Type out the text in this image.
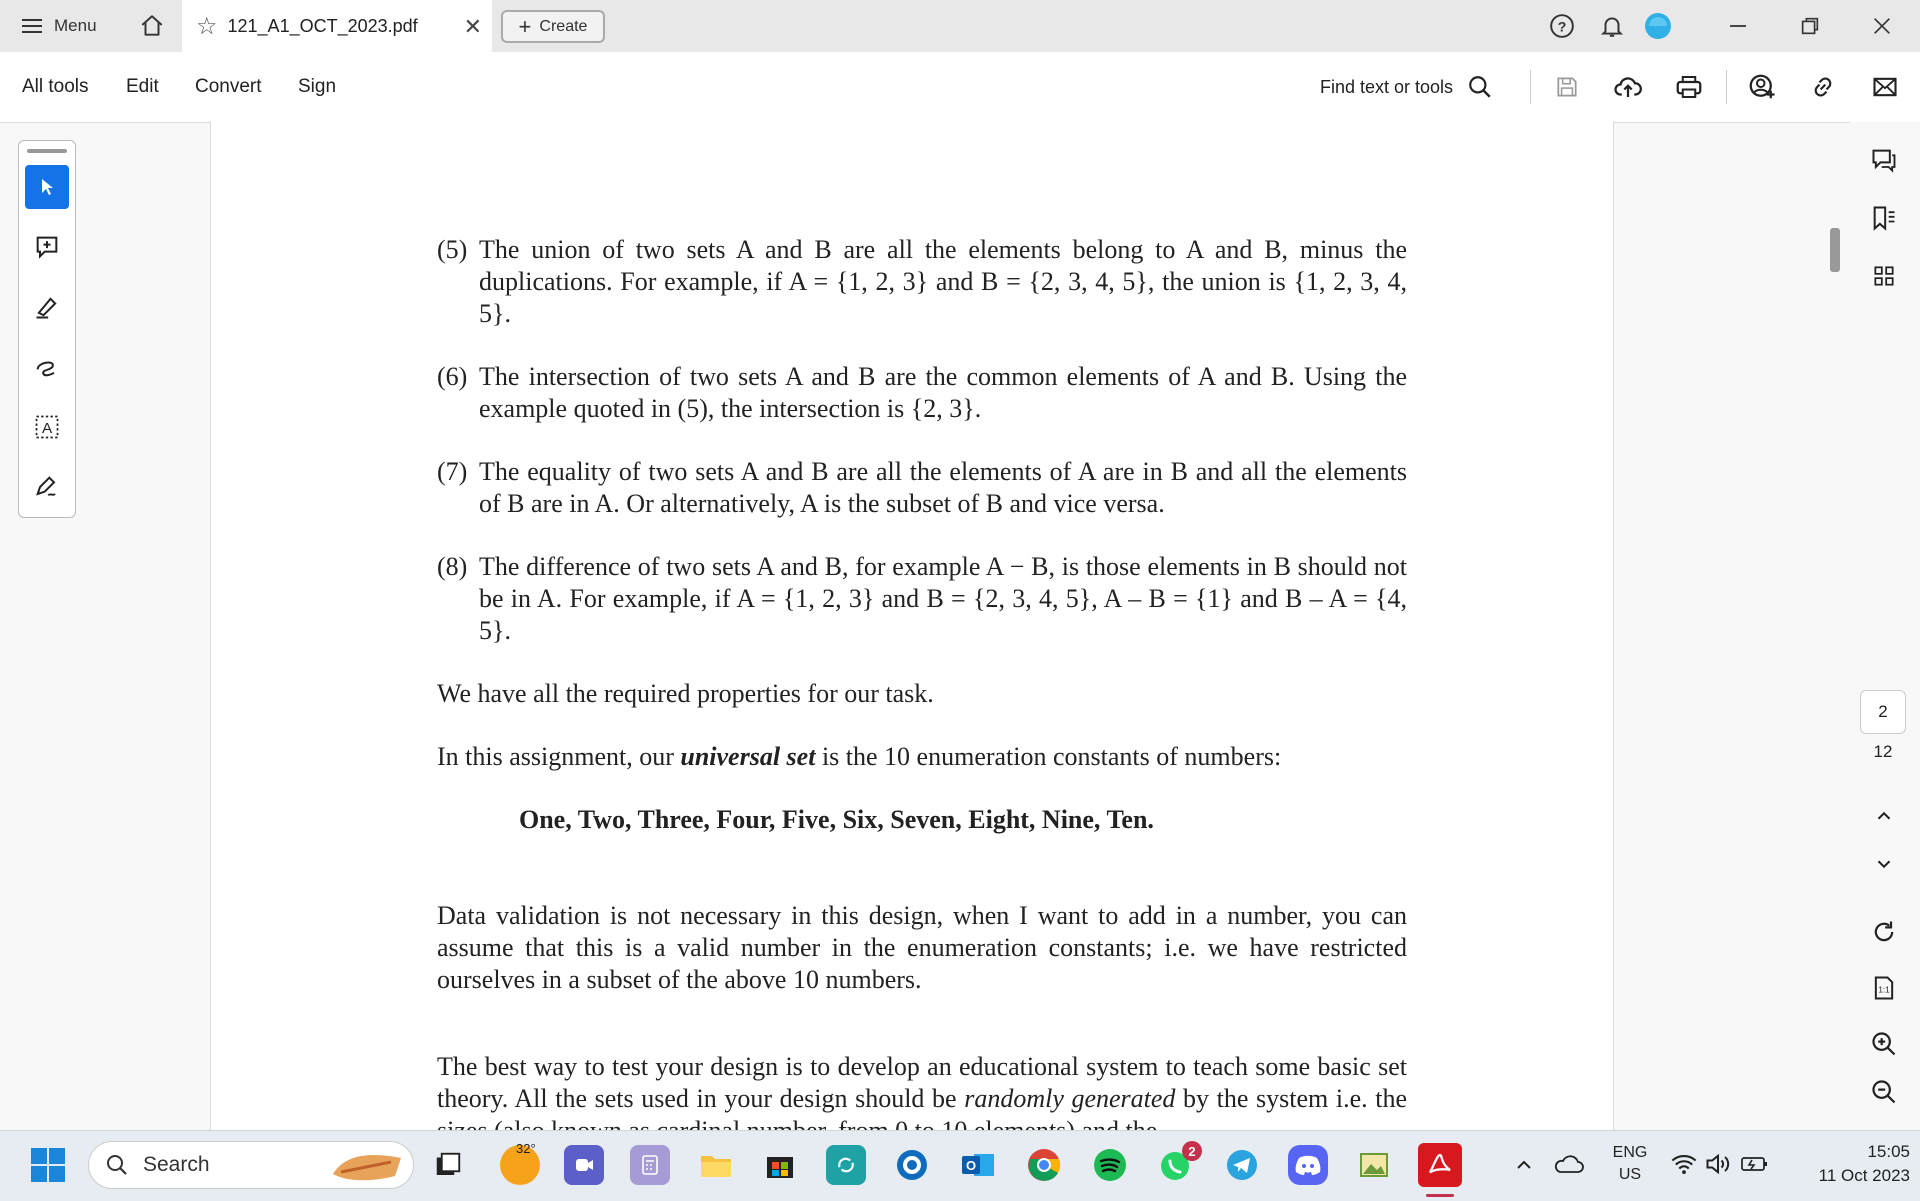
Menu	☆ 121_A1_OCT_2023.pdf ✕ + Create	?
All tools Edit Convert Sign	Find text or tools
A
(5) The union of two sets A and B are all the elements belong to A and B, minus the duplications. For example, if A = {1, 2, 3} and B = {2, 3, 4, 5}, the union is {1, 2, 3, 4, 5}.
(6) The intersection of two sets A and B are the common elements of A and B. Using the example quoted in (5), the intersection is {2, 3}.
(7) The equality of two sets A and B are all the elements of A are in B and all the elements of B are in A. Or alternatively, A is the subset of B and vice versa.
(8) The difference of two sets A and B, for example A − B, is those elements in B should not be in A. For example, if A = {1, 2, 3} and B = {2, 3, 4, 5}, A – B = {1} and B – A = {4, 5}.
We have all the required properties for our task.
In this assignment, our universal set is the 10 enumeration constants of numbers:
One, Two, Three, Four, Five, Six, Seven, Eight, Nine, Ten.
Data validation is not necessary in this design, when I want to add in a number, you can assume that this is a valid number in the enumeration constants; i.e. we have restricted ourselves in a subset of the above 10 numbers.
The best way to test your design is to develop an educational system to teach some basic set theory. All the sets used in your design should be randomly generated by the system i.e. the
2
12
1:1
Search
32°
O
2	ENG
US
15:05
11 Oct 2023
